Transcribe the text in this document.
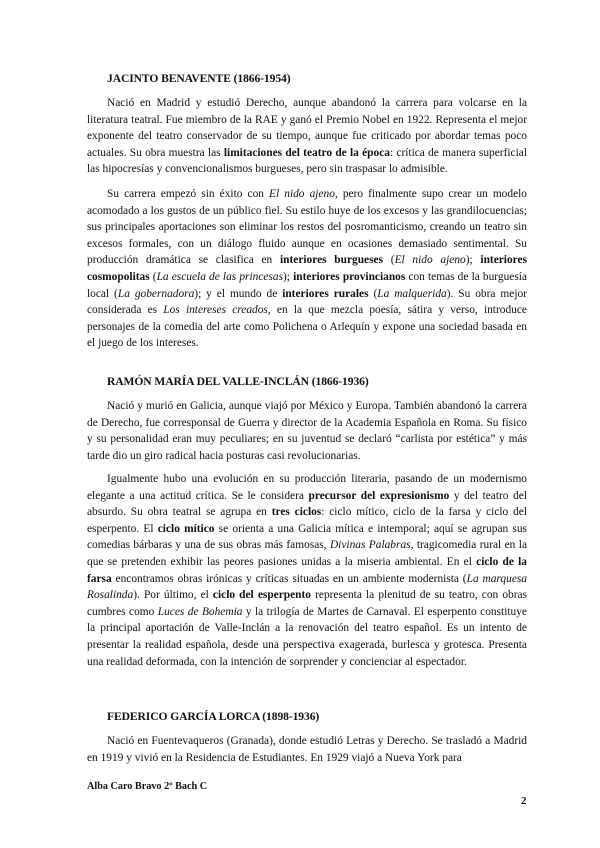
JACINTO BENAVENTE (1866-1954)

Nació en Madrid y estudió Derecho, aunque abandonó la carrera para volcarse en la literatura teatral. Fue miembro de la RAE y ganó el Premio Nobel en 1922. Representa el mejor exponente del teatro conservador de su tiempo, aunque fue criticado por abordar temas poco actuales. Su obra muestra las limitaciones del teatro de la época: crítica de manera superficial las hipocresías y convencionalismos burgueses, pero sin traspasar lo admisible.

Su carrera empezó sin éxito con El nido ajeno, pero finalmente supo crear un modelo acomodado a los gustos de un público fiel. Su estilo huye de los excesos y las grandilocuencias; sus principales aportaciones son eliminar los restos del posromanticismo, creando un teatro sin excesos formales, con un diálogo fluido aunque en ocasiones demasiado sentimental. Su producción dramática se clasifica en interiores burgueses (El nido ajeno); interiores cosmopolitas (La escuela de las princesas); interiores provincianos con temas de la burguesía local (La gobernadora); y el mundo de interiores rurales (La malquerida). Su obra mejor considerada es Los intereses creados, en la que mezcla poesía, sátira y verso, introduce personajes de la comedia del arte como Polichena o Arlequín y expone una sociedad basada en el juego de los intereses.

RAMÓN MARÍA DEL VALLE-INCLÁN (1866-1936)

Nació y murió en Galicia, aunque viajó por México y Europa. También abandonó la carrera de Derecho, fue corresponsal de Guerra y director de la Academia Española en Roma. Su físico y su personalidad eran muy peculiares; en su juventud se declaró “carlista por estética” y más tarde dio un giro radical hacia posturas casi revolucionarias.

Igualmente hubo una evolución en su producción literaria, pasando de un modernismo elegante a una actitud crítica. Se le considera precursor del expresionismo y del teatro del absurdo. Su obra teatral se agrupa en tres ciclos: ciclo mítico, ciclo de la farsa y ciclo del esperpento. El ciclo mítico se orienta a una Galicia mítica e intemporal; aquí se agrupan sus comedias bárbaras y una de sus obras más famosas, Divinas Palabras, tragicomedia rural en la que se pretenden exhibir las peores pasiones unidas a la miseria ambiental. En el ciclo de la farsa encontramos obras irónicas y críticas situadas en un ambiente modernista (La marquesa Rosalinda). Por último, el ciclo del esperpento representa la plenitud de su teatro, con obras cumbres como Luces de Bohemia y la trilogía de Martes de Carnaval. El esperpento constituye la principal aportación de Valle-Inclán a la renovación del teatro español. Es un intento de presentar la realidad española, desde una perspectiva exagerada, burlesca y grotesca. Presenta una realidad deformada, con la intención de sorprender y concienciar al espectador.

FEDERICO GARCÍA LORCA (1898-1936)

Nació en Fuentevaqueros (Granada), donde estudió Letras y Derecho. Se trasladó a Madrid en 1919 y vivió en la Residencia de Estudiantes. En 1929 viajó a Nueva York para

Alba Caro Bravo 2º Bach C
2
